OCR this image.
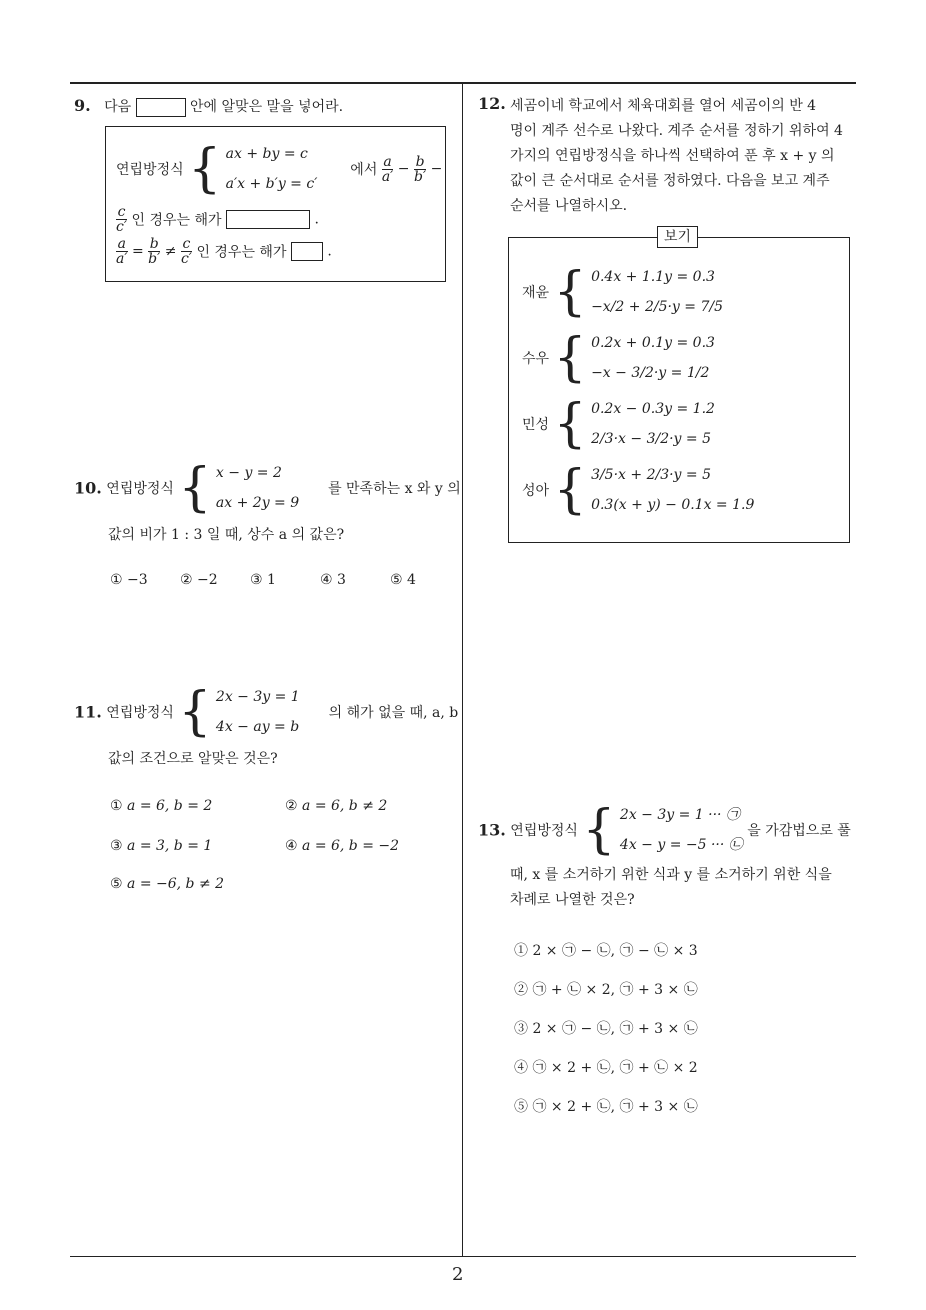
9. 다음	안에 알맞은 말을 넣어라.
연립방정식 { ax + by = c
a′x + b′y = c′  에서 $\frac{a}{a'} - \frac{b}{b'}$ −
$\frac{c}{c'}$ 인 경우는 해가	.
$\frac{a}{a'} = \frac{b}{b'} \ne \frac{c}{c'}$ 인 경우는 해가	.
10. 연립방정식 { x − y = 2
ax + 2y = 9  를 만족하는 x 와 y 의
값의 비가 1 : 3 일 때, 상수 a 의 값은?
① −3 ② −2 ③ 1	④ 3	⑤ 4
11. 연립방정식 { 2x − 3y = 1
4x − ay = b  의 해가 없을 때, a, b
값의 조건으로 알맞은 것은?
① a = 6, b = 2	② a = 6, b ≠ 2
③ a = 3, b = 1	④ a = 6, b = −2
⑤ a = −6, b ≠ 2
12. 세곰이네 학교에서 체육대회를 열어 세곰이의 반 4
명이 계주 선수로 나왔다. 계주 순서를 정하기 위하여 4
가지의 연립방정식을 하나씩 선택하여 푼 후 x + y 의
값이 큰 순서대로 순서를 정하였다. 다음을 보고 계주
순서를 나열하시오.
보기
재윤 { 0.4x + 1.1y = 0.3
−x/2 + 2/5·y = 7/5
수우 { 0.2x + 0.1y = 0.3
−x − 3/2·y = 1/2
민성 { 0.2x − 0.3y = 1.2
2/3·x − 3/2·y = 5
성아 { 3/5·x + 2/3·y = 5
0.3(x + y) − 0.1x = 1.9
13. 연립방정식 { 2x − 3y = 1 ··· ㉠
4x − y = −5 ··· ㉡ 을 가감법으로 풀
때, x 를 소거하기 위한 식과 y 를 소거하기 위한 식을
차례로 나열한 것은?
① 2 × ㉠ − ㉡, ㉠ − ㉡ × 3
② ㉠ + ㉡ × 2, ㉠ + 3 × ㉡
③ 2 × ㉠ − ㉡, ㉠ + 3 × ㉡
④ ㉠ × 2 + ㉡, ㉠ + ㉡ × 2
⑤ ㉠ × 2 + ㉡, ㉠ + 3 × ㉡
2
